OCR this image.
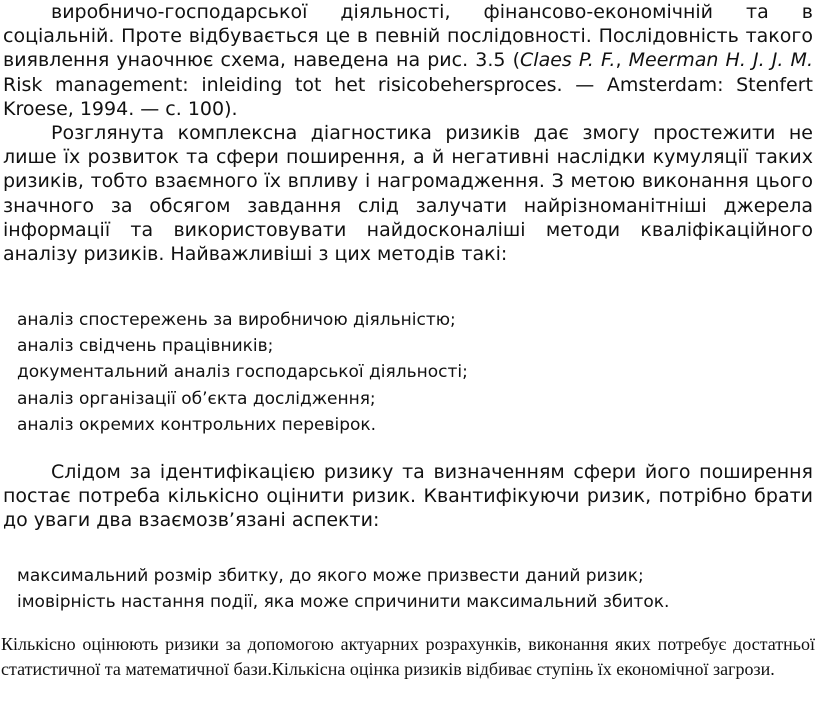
виробничо-господарської діяльності, фінансово-економічній та в соціальній. Проте відбувається це в певній послідовності. Послідовність такого виявлення унаочнює схема, наведена на рис. 3.5 (Claes P. F., Meerman H. J. J. M. Risk management: inleiding tot het risicobehersproces. — Amsterdam: Stenfert Kroese, 1994. — с. 100).

Розглянута комплексна діагностика ризиків дає змогу простежити не лише їх розвиток та сфери поширення, а й негативні наслідки кумуляції таких ризиків, тобто взаємного їх впливу і нагромадження. З метою виконання цього значного за обсягом завдання слід залучати найрізноманітніші джерела інформації та використовувати найдосконаліші методи кваліфікаційного аналізу ризиків. Найважливіші з цих методів такі:

аналіз спостережень за виробничою діяльністю;
аналіз свідчень працівників;
документальний аналіз господарської діяльності;
аналіз організації об’єкта дослідження;
аналіз окремих контрольних перевірок.

Слідом за ідентифікацією ризику та визначенням сфери його поширення постає потреба кількісно оцінити ризик. Квантифікуючи ризик, потрібно брати до уваги два взаємозв’язані аспекти:

максимальний розмір збитку, до якого може призвести даний ризик;
імовірність настання події, яка може спричинити максимальний збиток.

Кількісно оцінюють ризики за допомогою актуарних розрахунків, виконання яких потребує достатньої статистичної та математичної бази.Кількісна оцінка ризиків відбиває ступінь їх економічної загрози.
